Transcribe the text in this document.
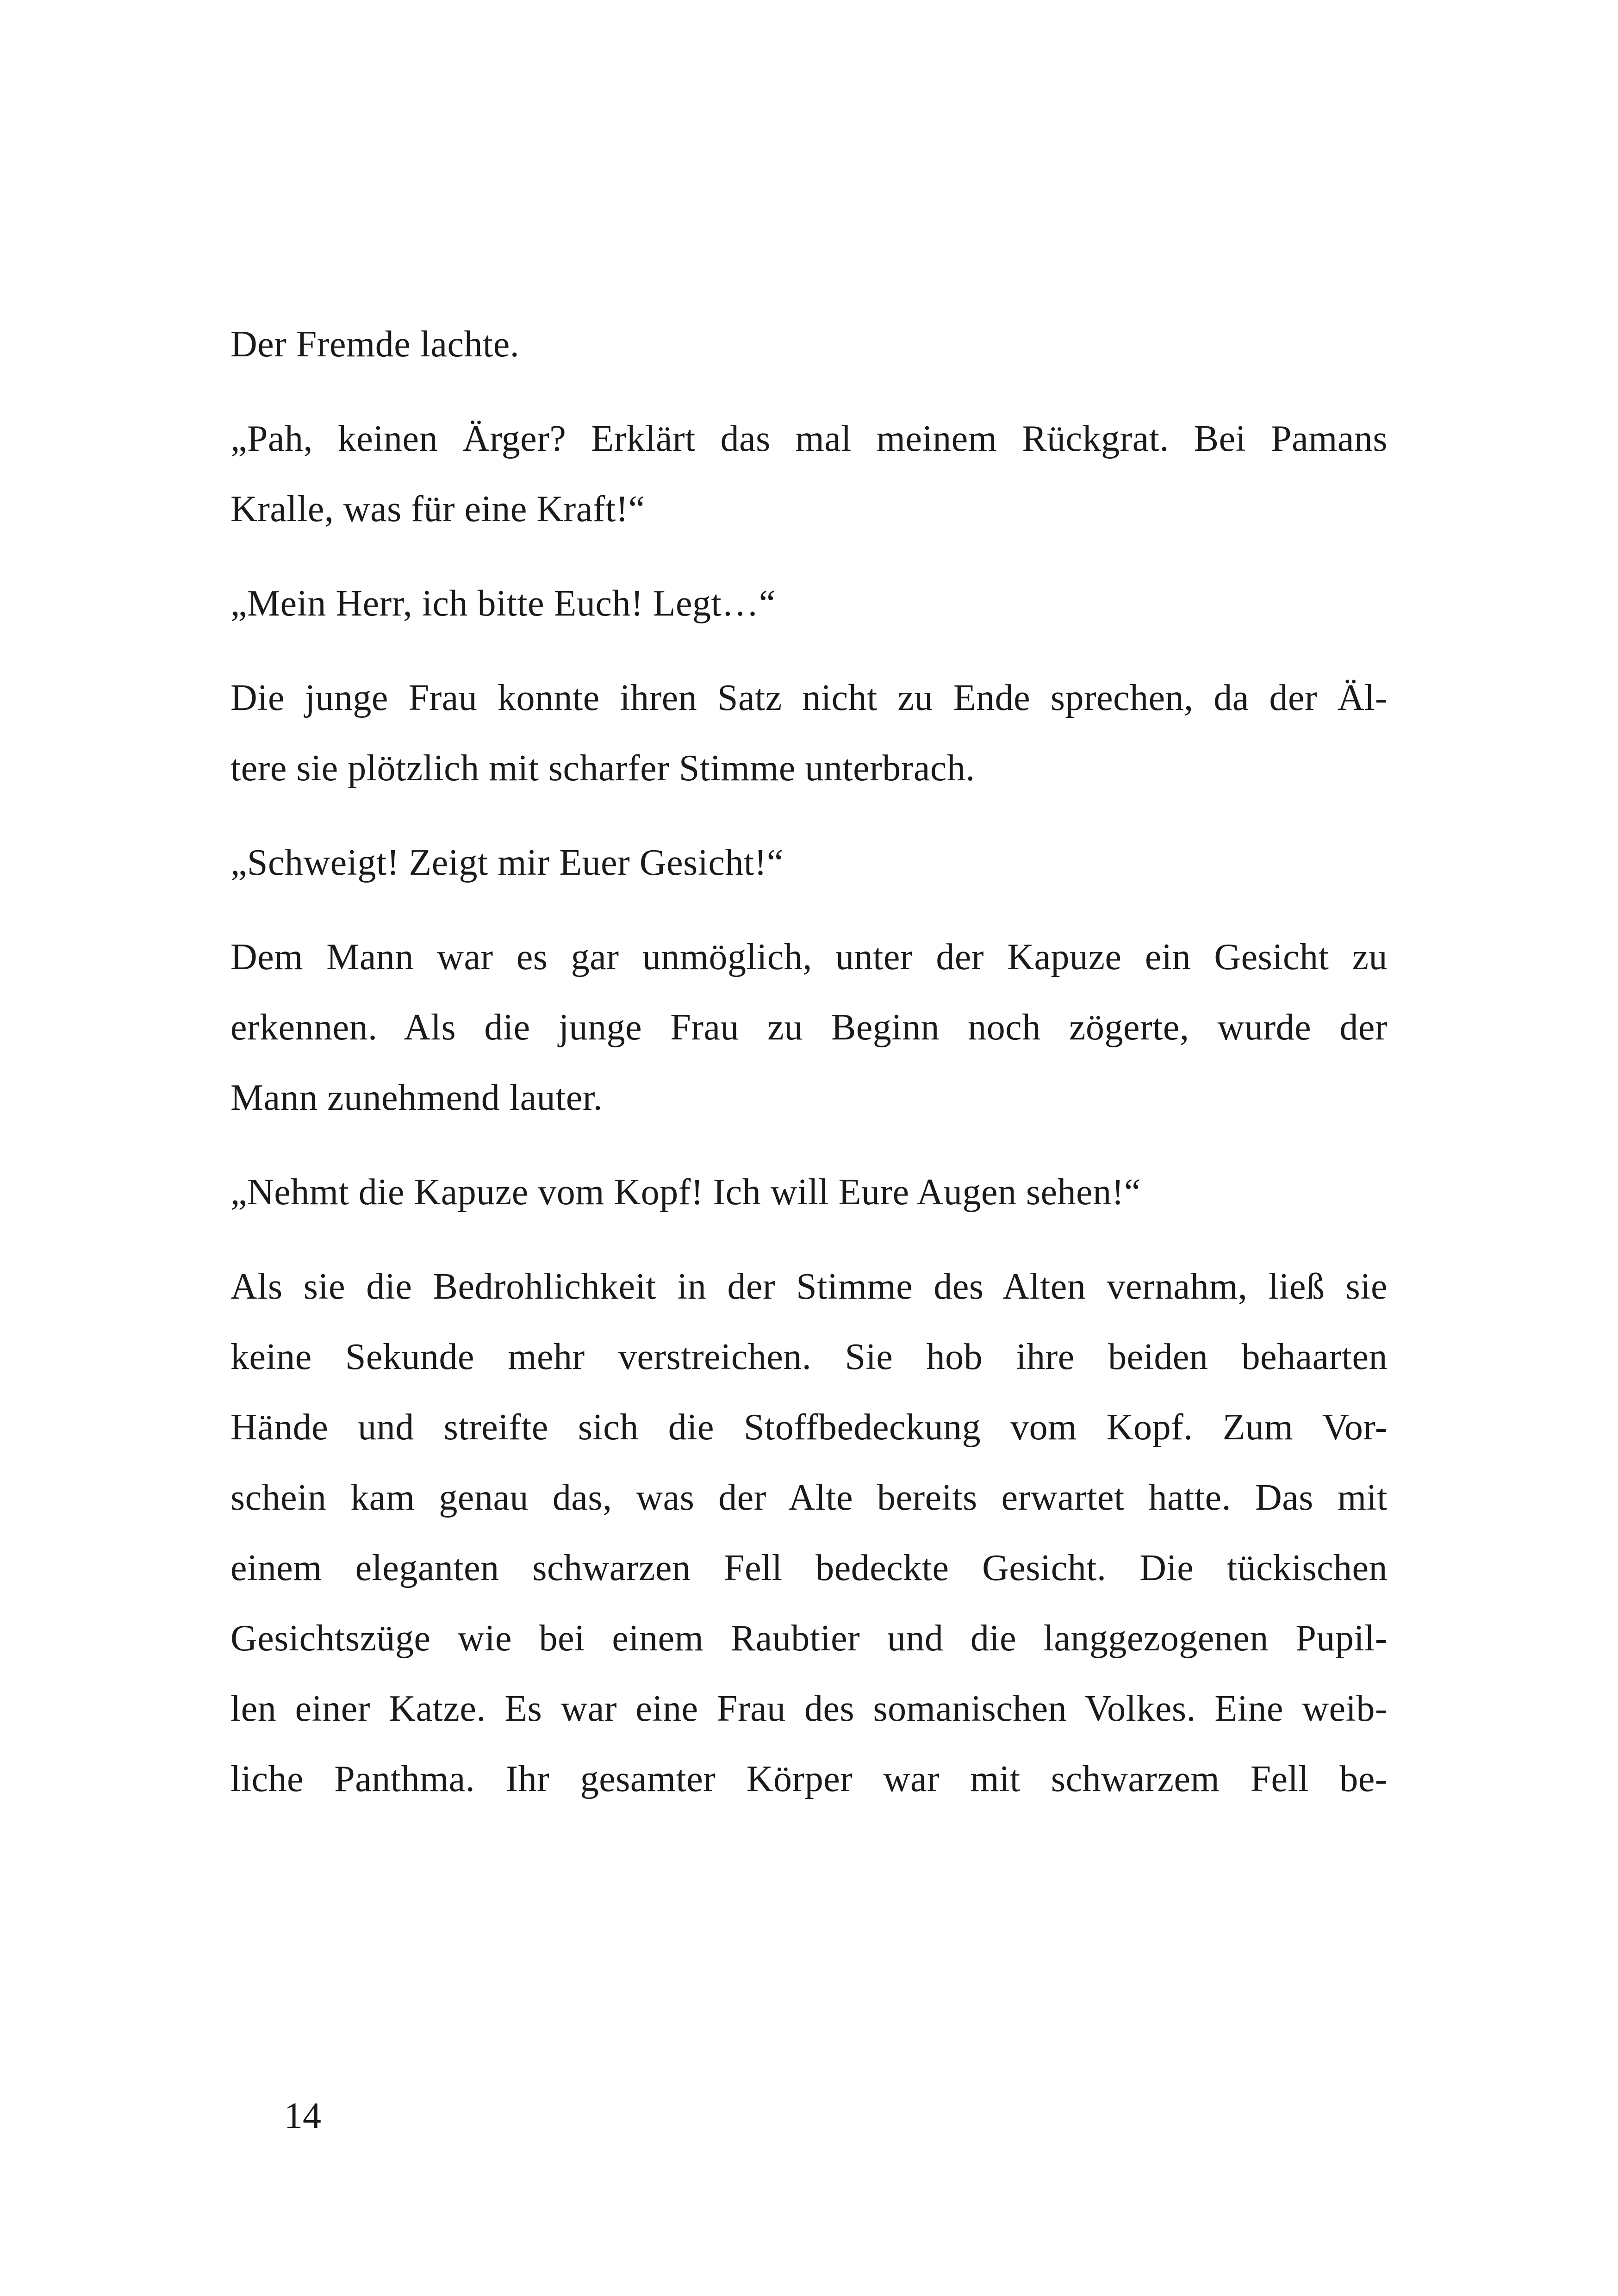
Der Fremde lachte.
„Pah, keinen Ärger? Erklärt das mal meinem Rückgrat. Bei Pamans
Kralle, was für eine Kraft!“
„Mein Herr, ich bitte Euch! Legt…“
Die junge Frau konnte ihren Satz nicht zu Ende sprechen, da der Äl-
tere sie plötzlich mit scharfer Stimme unterbrach.
„Schweigt! Zeigt mir Euer Gesicht!“
Dem Mann war es gar unmöglich, unter der Kapuze ein Gesicht zu
erkennen. Als die junge Frau zu Beginn noch zögerte, wurde der
Mann zunehmend lauter.
„Nehmt die Kapuze vom Kopf! Ich will Eure Augen sehen!“
Als sie die Bedrohlichkeit in der Stimme des Alten vernahm, ließ sie
keine Sekunde mehr verstreichen. Sie hob ihre beiden behaarten
Hände und streifte sich die Stoffbedeckung vom Kopf. Zum Vor-
schein kam genau das, was der Alte bereits erwartet hatte. Das mit
einem eleganten schwarzen Fell bedeckte Gesicht. Die tückischen
Gesichtszüge wie bei einem Raubtier und die langgezogenen Pupil-
len einer Katze. Es war eine Frau des somanischen Volkes. Eine weib-
liche Panthma. Ihr gesamter Körper war mit schwarzem Fell be-
14
